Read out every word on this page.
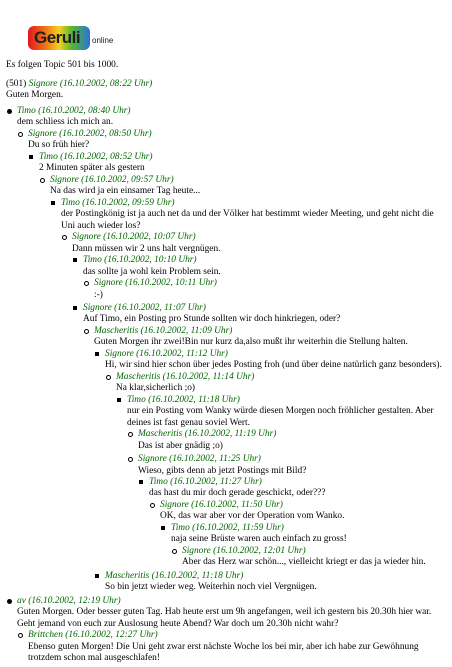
Geruli online
Es folgen Topic 501 bis 1000.
(501) Signore (16.10.2002, 08:22 Uhr)
Guten Morgen.
Timo (16.10.2002, 08:40 Uhr)
dem schliess ich mich an.
Signore (16.10.2002, 08:50 Uhr)
Du so früh hier?
Timo (16.10.2002, 08:52 Uhr)
2 Minuten später als gestern
Signore (16.10.2002, 09:57 Uhr)
Na das wird ja ein einsamer Tag heute...
Timo (16.10.2002, 09:59 Uhr)
der Postingkönig ist ja auch net da und der Völker hat bestimmt wieder Meeting, und geht nicht die Uni auch wieder los?
Signore (16.10.2002, 10:07 Uhr)
Dann müssen wir 2 uns halt vergnügen.
Timo (16.10.2002, 10:10 Uhr)
das sollte ja wohl kein Problem sein.
Signore (16.10.2002, 10:11 Uhr)
:-)
Signore (16.10.2002, 11:07 Uhr)
Auf Timo, ein Posting pro Stunde sollten wir doch hinkriegen, oder?
Mascheritis (16.10.2002, 11:09 Uhr)
Guten Morgen ihr zwei!Bin nur kurz da,also mußt ihr weiterhin die Stellung halten.
Signore (16.10.2002, 11:12 Uhr)
Hi, wir sind hier schon über jedes Posting froh (und über deine natürlich ganz besonders).
Mascheritis (16.10.2002, 11:14 Uhr)
Na klar,sicherlich ;o)
Timo (16.10.2002, 11:18 Uhr)
nur ein Posting vom Wanky würde diesen Morgen noch fröhlicher gestalten. Aber deines ist fast genau soviel Wert.
Mascheritis (16.10.2002, 11:19 Uhr)
Das ist aber gnädig ;o)
Signore (16.10.2002, 11:25 Uhr)
Wieso, gibts denn ab jetzt Postings mit Bild?
Timo (16.10.2002, 11:27 Uhr)
das hast du mir doch gerade geschickt, oder???
Signore (16.10.2002, 11:50 Uhr)
OK, das war aber vor der Operation vom Wanko.
Timo (16.10.2002, 11:59 Uhr)
naja seine Brüste waren auch einfach zu gross!
Signore (16.10.2002, 12:01 Uhr)
Aber das Herz war schön..., vielleicht kriegt er das ja wieder hin.
Mascheritis (16.10.2002, 11:18 Uhr)
So bin jetzt wieder weg. Weiterhin noch viel Vergnügen.
av (16.10.2002, 12:19 Uhr)
Guten Morgen. Oder besser guten Tag. Hab heute erst um 9h angefangen, weil ich gestern bis 20.30h hier war. Geht jemand von euch zur Auslosung heute Abend? War doch um 20.30h nicht wahr?
Brittchen (16.10.2002, 12:27 Uhr)
Ebenso guten Morgen! Die Uni geht zwar erst nächste Woche los bei mir, aber ich habe zur Gewöhnung trotzdem schon mal ausgeschlafen!
